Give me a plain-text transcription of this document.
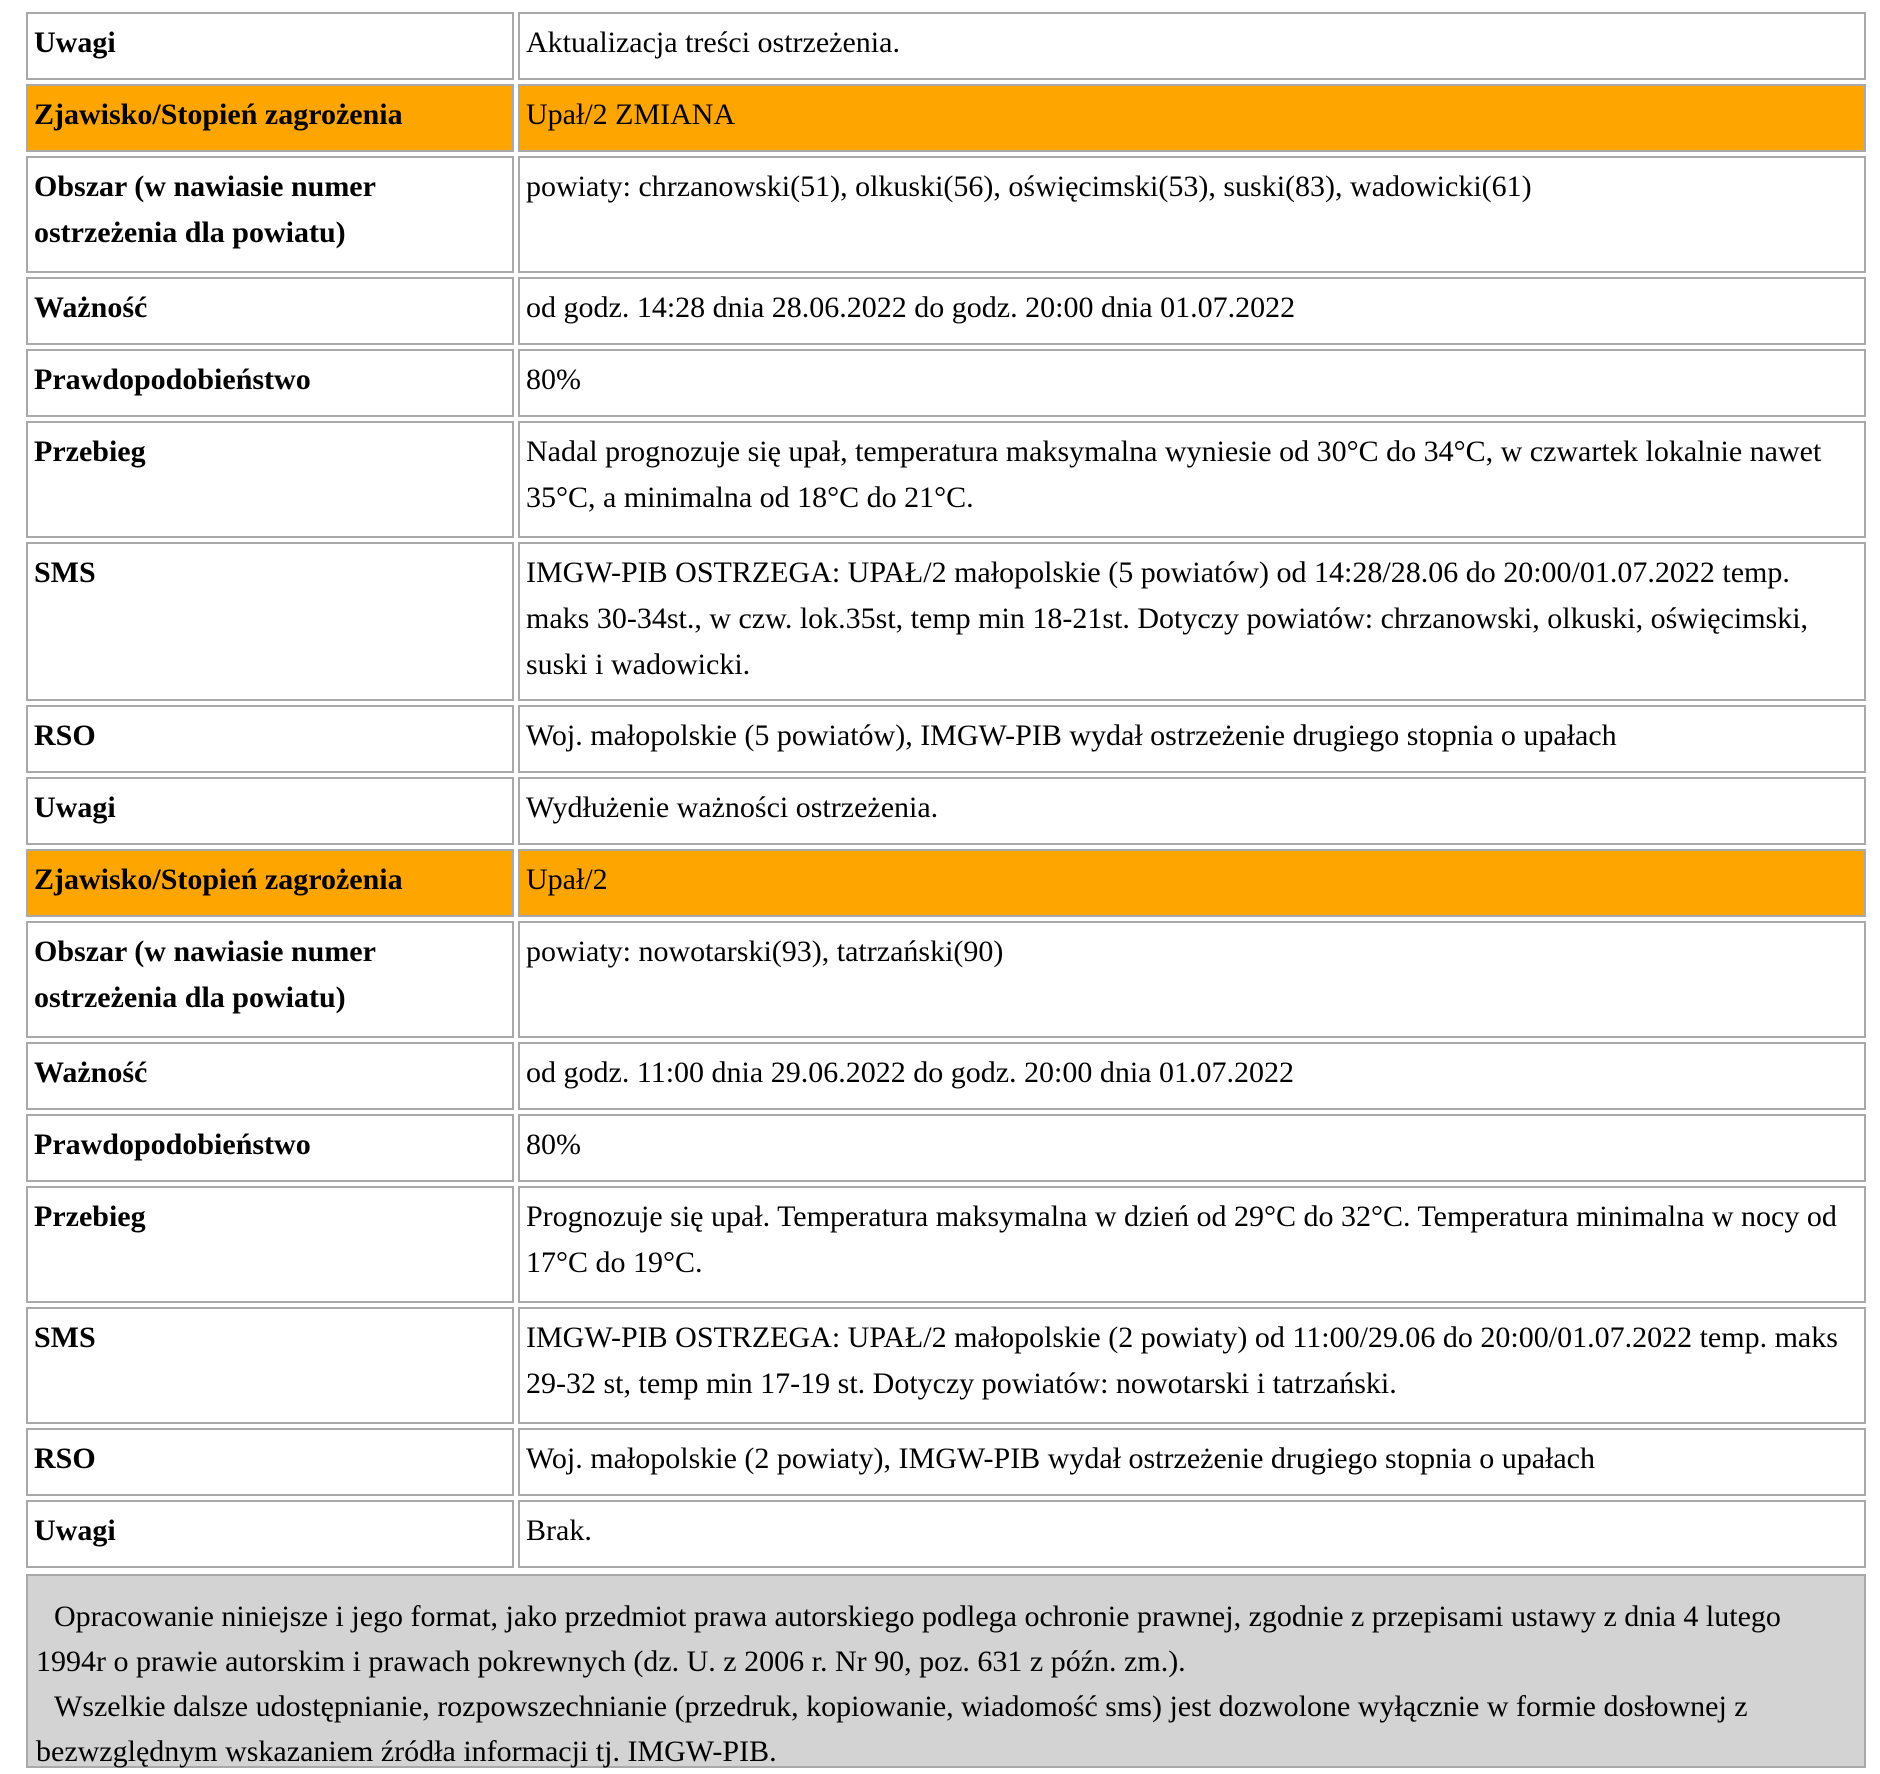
Uwagi	Aktualizacja treści ostrzeżenia.
Zjawisko/Stopień zagrożenia	Upał/2 ZMIANA
Obszar (w nawiasie numer ostrzeżenia dla powiatu)	powiaty: chrzanowski(51), olkuski(56), oświęcimski(53), suski(83), wadowicki(61)
Ważność	od godz. 14:28 dnia 28.06.2022 do godz. 20:00 dnia 01.07.2022
Prawdopodobieństwo	80%
Przebieg	Nadal prognozuje się upał, temperatura maksymalna wyniesie od 30°C do 34°C, w czwartek lokalnie nawet 35°C, a minimalna od 18°C do 21°C.
SMS	IMGW-PIB OSTRZEGA: UPAŁ/2 małopolskie (5 powiatów) od 14:28/28.06 do 20:00/01.07.2022 temp. maks 30-34st., w czw. lok.35st, temp min 18-21st. Dotyczy powiatów: chrzanowski, olkuski, oświęcimski, suski i wadowicki.
RSO	Woj. małopolskie (5 powiatów), IMGW-PIB wydał ostrzeżenie drugiego stopnia o upałach
Uwagi	Wydłużenie ważności ostrzeżenia.
Zjawisko/Stopień zagrożenia	Upał/2
Obszar (w nawiasie numer ostrzeżenia dla powiatu)	powiaty: nowotarski(93), tatrzański(90)
Ważność	od godz. 11:00 dnia 29.06.2022 do godz. 20:00 dnia 01.07.2022
Prawdopodobieństwo	80%
Przebieg	Prognozuje się upał. Temperatura maksymalna w dzień od 29°C do 32°C. Temperatura minimalna w nocy od 17°C do 19°C.
SMS	IMGW-PIB OSTRZEGA: UPAŁ/2 małopolskie (2 powiaty) od 11:00/29.06 do 20:00/01.07.2022 temp. maks 29-32 st, temp min 17-19 st. Dotyczy powiatów: nowotarski i tatrzański.
RSO	Woj. małopolskie (2 powiaty), IMGW-PIB wydał ostrzeżenie drugiego stopnia o upałach
Uwagi	Brak.

Opracowanie niniejsze i jego format, jako przedmiot prawa autorskiego podlega ochronie prawnej, zgodnie z przepisami ustawy z dnia 4 lutego 1994r o prawie autorskim i prawach pokrewnych (dz. U. z 2006 r. Nr 90, poz. 631 z późn. zm.).

Wszelkie dalsze udostępnianie, rozpowszechnianie (przedruk, kopiowanie, wiadomość sms) jest dozwolone wyłącznie w formie dosłownej z bezwzględnym wskazaniem źródła informacji tj. IMGW-PIB.
